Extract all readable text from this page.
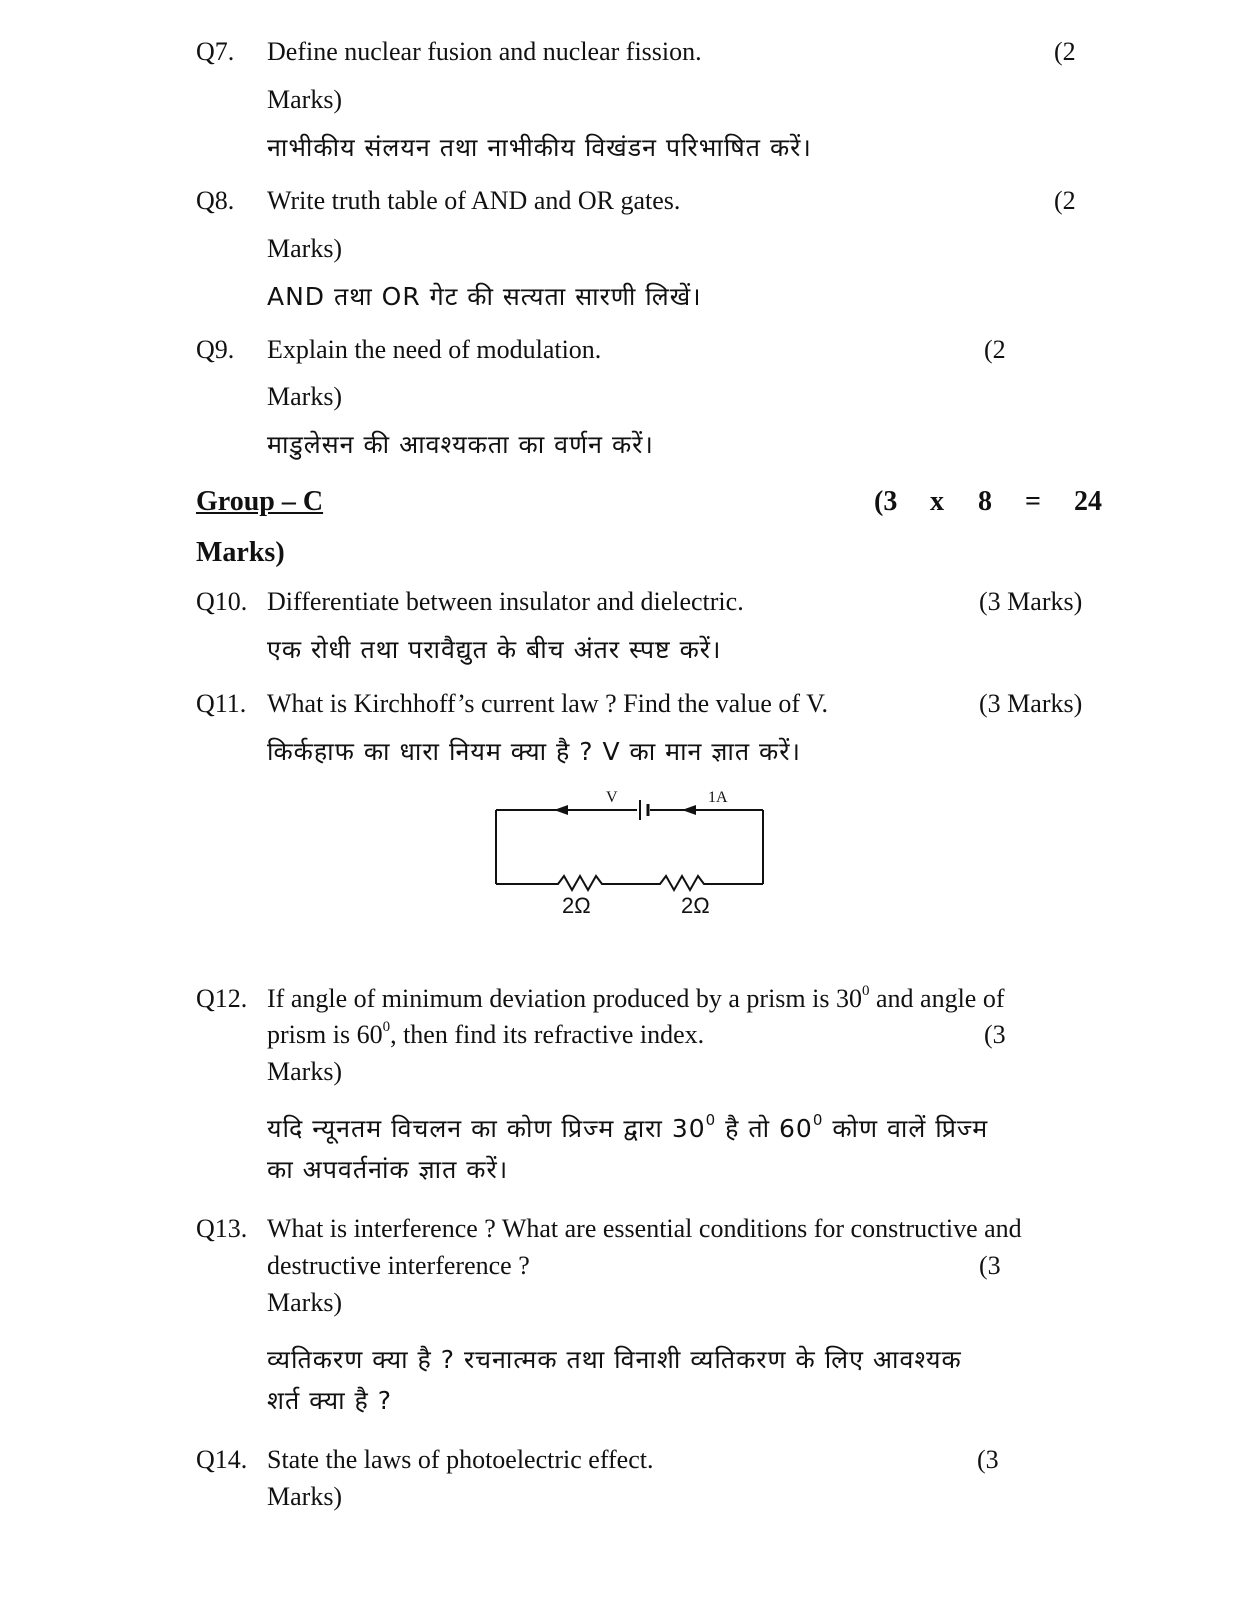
Q7. Define nuclear fusion and nuclear fission.	(2
Marks)
नाभीकीय संलयन तथा नाभीकीय विखंडन परिभाषित करें।
Q8. Write truth table of AND and OR gates.	(2
Marks)
AND तथा OR गेट की सत्यता सारणी लिखें।
Q9. Explain the need of modulation.	(2
Marks)
माडुलेसन की आवश्यकता का वर्णन करें।
Group – C	(3 x 8 = 24
Marks)
Q10. Differentiate between insulator and dielectric.	(3 Marks)
एक रोधी तथा परावैद्युत के बीच अंतर स्पष्ट करें।
Q11. What is Kirchhoff’s current law ? Find the value of V.	(3 Marks)
किर्कहाफ का धारा नियम क्या है ? V का मान ज्ञात करें।
V	1A
2Ω	2Ω
Q12. If angle of minimum deviation produced by a prism is $30^0$ and angle of
prism is $60^0$, then find its refractive index.	(3
Marks)
यदि न्यूनतम विचलन का कोण प्रिज्म द्वारा $30^0$ है तो $60^0$ कोण वालें प्रिज्म
का अपवर्तनांक ज्ञात करें।
Q13. What is interference ? What are essential conditions for constructive and
destructive interference ?	(3
Marks)
व्यतिकरण क्या है ? रचनात्मक तथा विनाशी व्यतिकरण के लिए आवश्यक
शर्त क्या है ?
Q14. State the laws of photoelectric effect.	(3
Marks)
